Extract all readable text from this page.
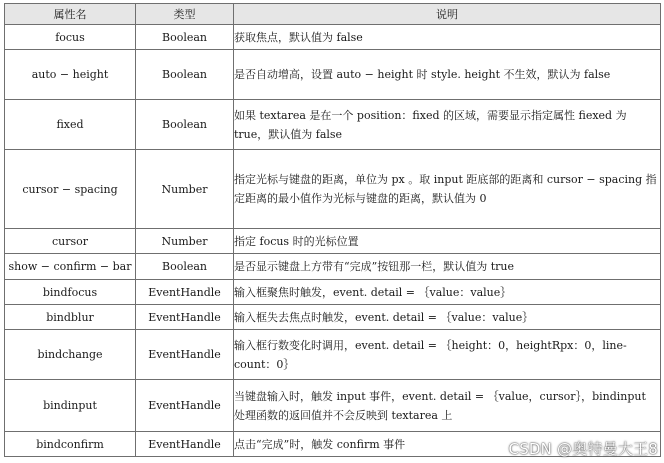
属性名	类型	说明
focus	Boolean	获取焦点，默认值为 false
auto − height	Boolean	是否自动增高，设置 auto − height 时 style. height 不生效，默认为 false
fixed	Boolean	如果 textarea 是在一个 position：fixed 的区域，需要显示指定属性 fiexed 为 true，默认值为 false
cursor − spacing	Number	指定光标与键盘的距离，单位为 px 。取 input 距底部的距离和 cursor − spacing 指定距离的最小值作为光标与键盘的距离，默认值为 0
cursor	Number	指定 focus 时的光标位置
show − confirm − bar	Boolean	是否显示键盘上方带有“完成”按钮那一栏，默认值为 true
bindfocus	EventHandle	输入框聚焦时触发，event. detail = ｛value：value｝
bindblur	EventHandle	输入框失去焦点时触发，event. detail = ｛value：value｝
bindchange	EventHandle	输入框行数变化时调用，event. detail = ｛height：0，heightRpx：0，line-count：0｝
bindinput	EventHandle	当键盘输入时，触发 input 事件，event. detail = ｛value，cursor｝，bindinput 处理函数的返回值并不会反映到 textarea 上
bindconfirm	EventHandle	点击“完成”时，触发 confirm 事件	CSDN @奥特曼大王8
